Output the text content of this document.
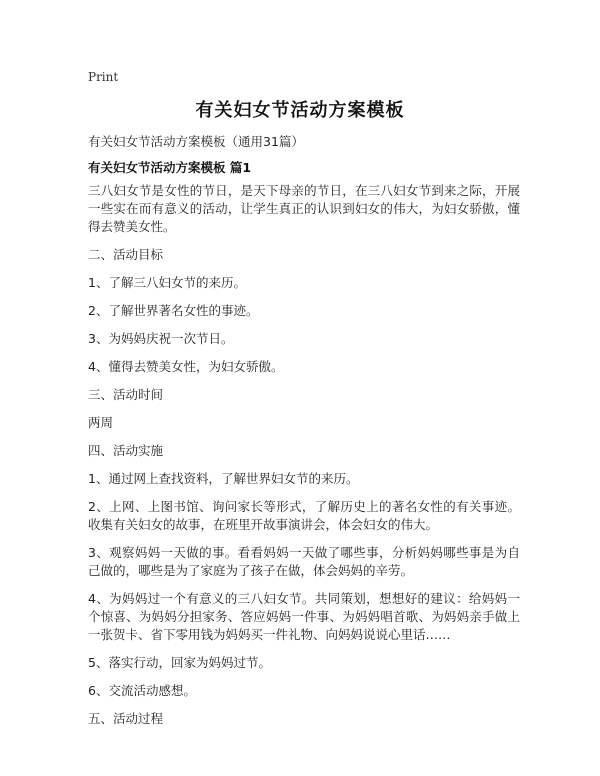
Print
有关妇女节活动方案模板
有关妇女节活动方案模板（通用31篇）
有关妇女节活动方案模板 篇1

三八妇女节是女性的节日，是天下母亲的节日，在三八妇女节到来之际，开展一些实在而有意义的活动，让学生真正的认识到妇女的伟大，为妇女骄傲，懂得去赞美女性。

二、活动目标

1、了解三八妇女节的来历。

2、了解世界著名女性的事迹。

3、为妈妈庆祝一次节日。

4、懂得去赞美女性，为妇女骄傲。

三、活动时间

两周

四、活动实施

1、通过网上查找资料，了解世界妇女节的来历。

2、上网、上图书馆、询问家长等形式，了解历史上的著名女性的有关事迹。收集有关妇女的故事，在班里开故事演讲会，体会妇女的伟大。

3、观察妈妈一天做的事。看看妈妈一天做了哪些事，分析妈妈哪些事是为自己做的，哪些是为了家庭为了孩子在做，体会妈妈的辛劳。

4、为妈妈过一个有意义的三八妇女节。共同策划，想想好的建议：给妈妈一个惊喜、为妈妈分担家务、答应妈妈一件事、为妈妈唱首歌、为妈妈亲手做上一张贺卡、省下零用钱为妈妈买一件礼物、向妈妈说说心里话……

5、落实行动，回家为妈妈过节。

6、交流活动感想。

五、活动过程
